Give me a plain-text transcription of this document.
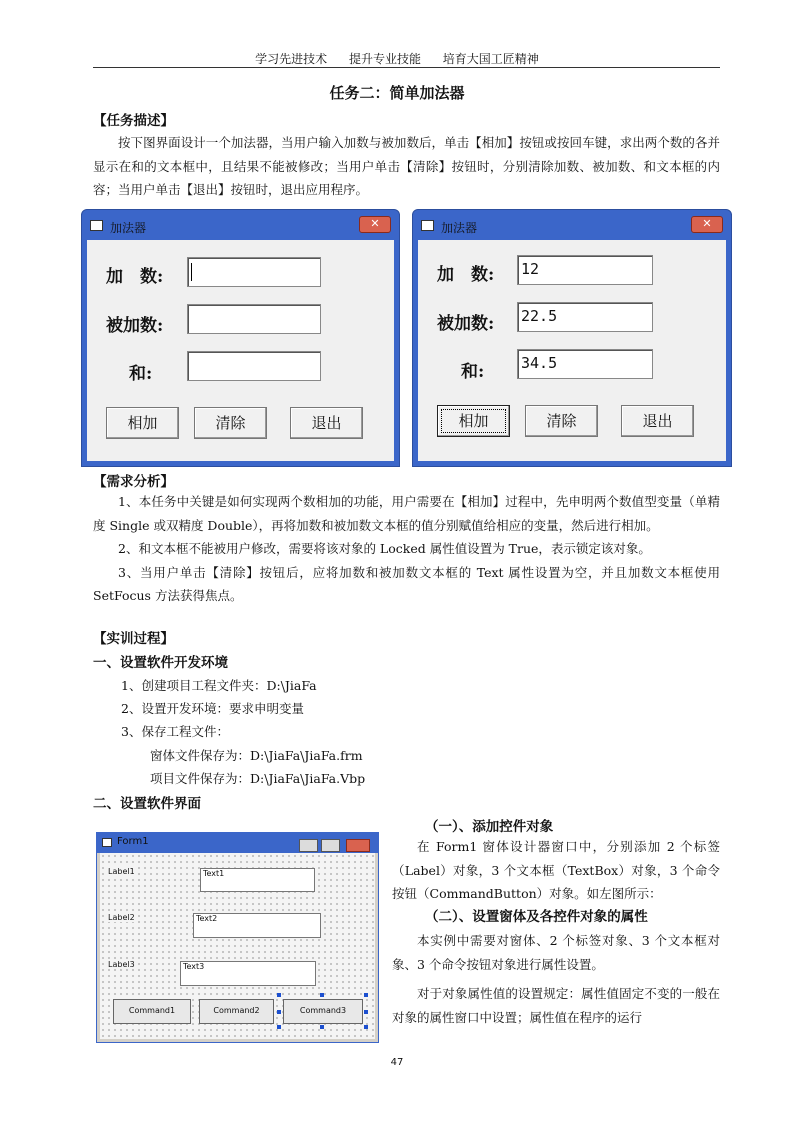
学习先进技术 提升专业技能 培育大国工匠精神
任务二：简单加法器
【任务描述】

按下图界面设计一个加法器，当用户输入加数与被加数后，单击【相加】按钮或按回车键，求出两个数的各并显示在和的文本框中，且结果不能被修改；当用户单击【清除】按钮时，分别清除加数、被加数、和文本框的内容；当用户单击【退出】按钮时，退出应用程序。

加法器	✕
加　数:
被加数:
和:
相加	清除	退出
加法器	✕
加　数: 12
被加数: 22.5
和: 34.5
相加	清除	退出
【需求分析】

1、本任务中关键是如何实现两个数相加的功能，用户需要在【相加】过程中，先申明两个数值型变量（单精度 Single 或双精度 Double），再将加数和被加数文本框的值分别赋值给相应的变量，然后进行相加。

2、和文本框不能被用户修改，需要将该对象的 Locked 属性值设置为 True，表示锁定该对象。

3、当用户单击【清除】按钮后，应将加数和被加数文本框的 Text 属性设置为空，并且加数文本框使用 SetFocus 方法获得焦点。

【实训过程】
一、设置软件开发环境
1、创建项目工程文件夹：D:\JiaFa
2、设置开发环境：要求申明变量
3、保存工程文件：
窗体文件保存为：D:\JiaFa\JiaFa.frm
项目文件保存为：D:\JiaFa\JiaFa.Vbp
二、设置软件界面
Form1
Label1	Text1
Label2	Text2
Label3	Text3
Command1	Command2	Command3
（一）、添加控件对象

在 Form1 窗体设计器窗口中，分别添加 2 个标签（Label）对象，3 个文本框（TextBox）对象，3 个命令按钮（CommandButton）对象。如左图所示：

（二）、设置窗体及各控件对象的属性

本实例中需要对窗体、2 个标签对象、3 个文本框对象、3 个命令按钮对象进行属性设置。

对于对象属性值的设置规定：属性值固定不变的一般在对象的属性窗口中设置；属性值在程序的运行

47
